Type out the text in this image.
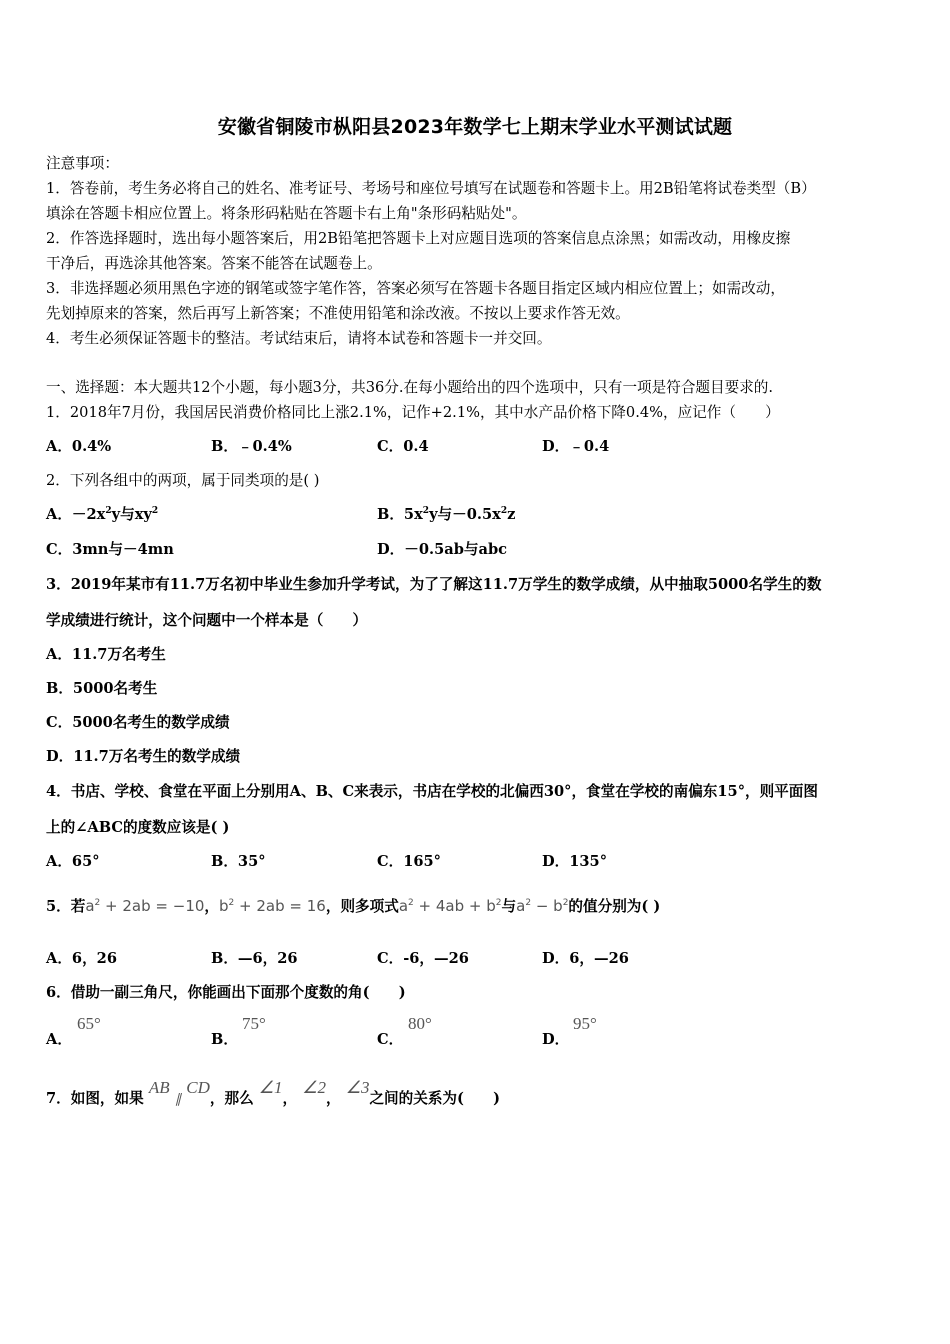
安徽省铜陵市枞阳县2023年数学七上期末学业水平测试试题
注意事项：
1．答卷前，考生务必将自己的姓名、准考证号、考场号和座位号填写在试题卷和答题卡上。用2B铅笔将试卷类型（B）
填涂在答题卡相应位置上。将条形码粘贴在答题卡右上角"条形码粘贴处"。
2．作答选择题时，选出每小题答案后，用2B铅笔把答题卡上对应题目选项的答案信息点涂黑；如需改动，用橡皮擦
干净后，再选涂其他答案。答案不能答在试题卷上。
3．非选择题必须用黑色字迹的钢笔或签字笔作答，答案必须写在答题卡各题目指定区域内相应位置上；如需改动，
先划掉原来的答案，然后再写上新答案；不准使用铅笔和涂改液。不按以上要求作答无效。
4．考生必须保证答题卡的整洁。考试结束后，请将本试卷和答题卡一并交回。
一、选择题：本大题共12个小题，每小题3分，共36分.在每小题给出的四个选项中，只有一项是符合题目要求的.
1．2018年7月份，我国居民消费价格同比上涨2.1%，记作+2.1%，其中水产品价格下降0.4%，应记作（　　）
A．0.4%	B．﹣0.4%	C．0.4	D．﹣0.4
2．下列各组中的两项，属于同类项的是( )
A．$-2x^2y$与$xy^2$	B．$5x^2y$与$-0.5x^2z$
C．3mn与－4mn	D．－0.5ab与abc
3．2019年某市有11.7万名初中毕业生参加升学考试，为了了解这11.7万学生的数学成绩，从中抽取5000名学生的数
学成绩进行统计，这个问题中一个样本是（　　）
A．11.7万名考生
B．5000名考生
C．5000名考生的数学成绩
D．11.7万名考生的数学成绩
4．书店、学校、食堂在平面上分别用A、B、C来表示，书店在学校的北偏西30°，食堂在学校的南偏东15°，则平面图
上的∠ABC的度数应该是( )
A．65°	B．35°	C．165°	D．135°
5．若$a^2 + 2ab = -10$，$b^2 + 2ab = 16$，则多项式$a^2 + 4ab + b^2$与$a^2 - b^2$的值分别为( )
A．6，26	B．—6，26	C．-6，—26	D．6，—26
6．借助一副三角尺，你能画出下面那个度数的角(　　)
A．
65°
B．
75°
C．
80°
D．
95°
7．如图，如果 AB ∥ CD，那么 ∠1， ∠2， ∠3之间的关系为(　　)
